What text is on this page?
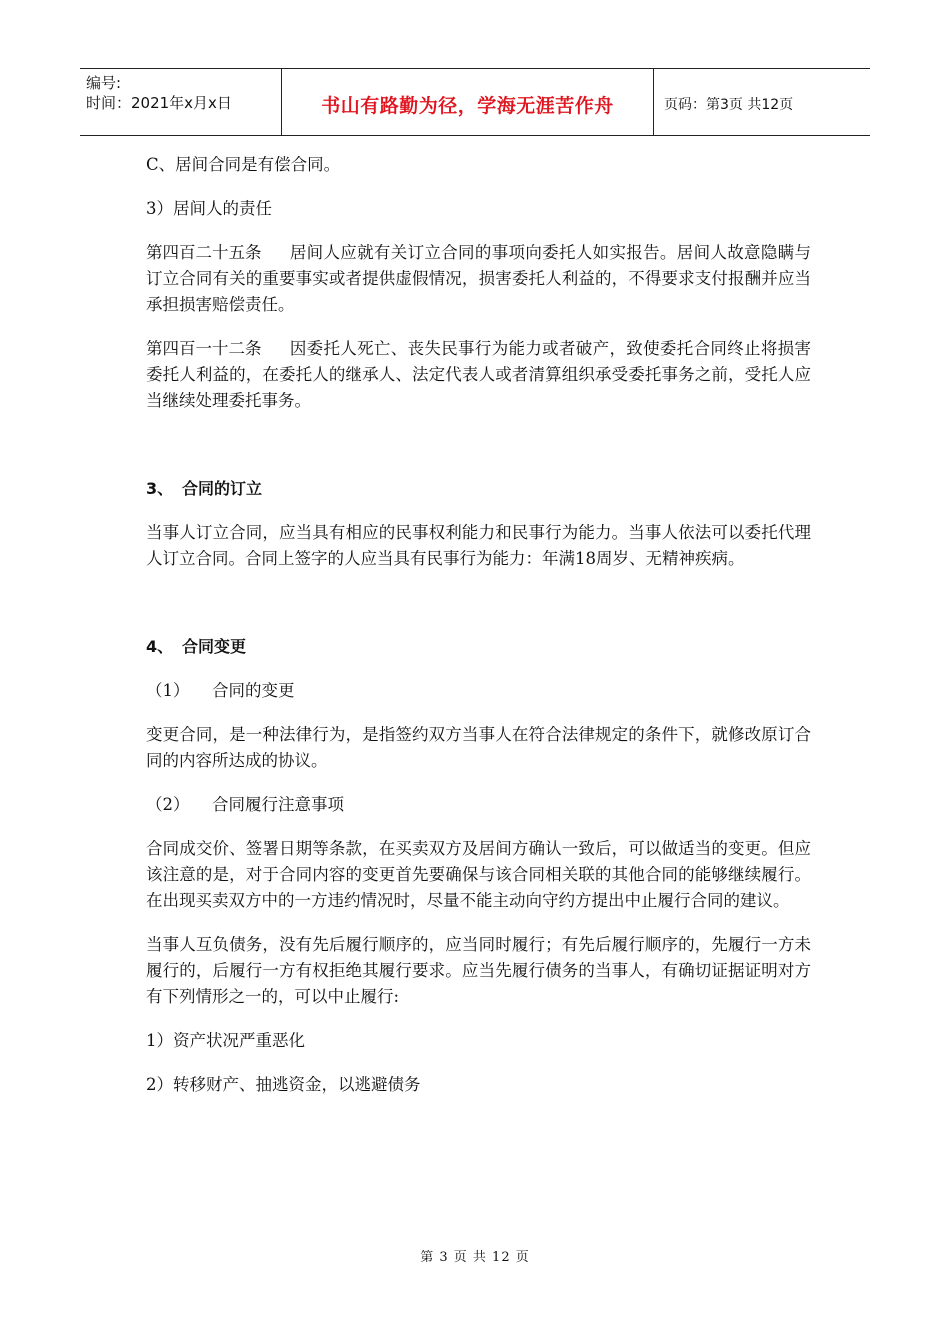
编号:
时间：2021年x月x日	书山有路勤为径，学海无涯苦作舟	页码：第3页 共12页

C、居间合同是有偿合同。

3）居间人的责任

第四百二十五条 居间人应就有关订立合同的事项向委托人如实报告。居间人故意隐瞒与订立合同有关的重要事实或者提供虚假情况，损害委托人利益的，不得要求支付报酬并应当承担损害赔偿责任。

第四百一十二条 因委托人死亡、丧失民事行为能力或者破产，致使委托合同终止将损害委托人利益的，在委托人的继承人、法定代表人或者清算组织承受委托事务之前，受托人应当继续处理委托事务。

3、 合同的订立

当事人订立合同，应当具有相应的民事权利能力和民事行为能力。当事人依法可以委托代理人订立合同。合同上签字的人应当具有民事行为能力：年满18周岁、无精神疾病。

4、 合同变更

（1） 合同的变更

变更合同，是一种法律行为，是指签约双方当事人在符合法律规定的条件下，就修改原订合同的内容所达成的协议。

（2） 合同履行注意事项

合同成交价、签署日期等条款，在买卖双方及居间方确认一致后，可以做适当的变更。但应该注意的是，对于合同内容的变更首先要确保与该合同相关联的其他合同的能够继续履行。在出现买卖双方中的一方违约情况时，尽量不能主动向守约方提出中止履行合同的建议。

当事人互负债务，没有先后履行顺序的，应当同时履行；有先后履行顺序的，先履行一方未履行的，后履行一方有权拒绝其履行要求。应当先履行债务的当事人，有确切证据证明对方有下列情形之一的，可以中止履行:

1）资产状况严重恶化

2）转移财产、抽逃资金，以逃避债务

第 3 页 共 12 页
